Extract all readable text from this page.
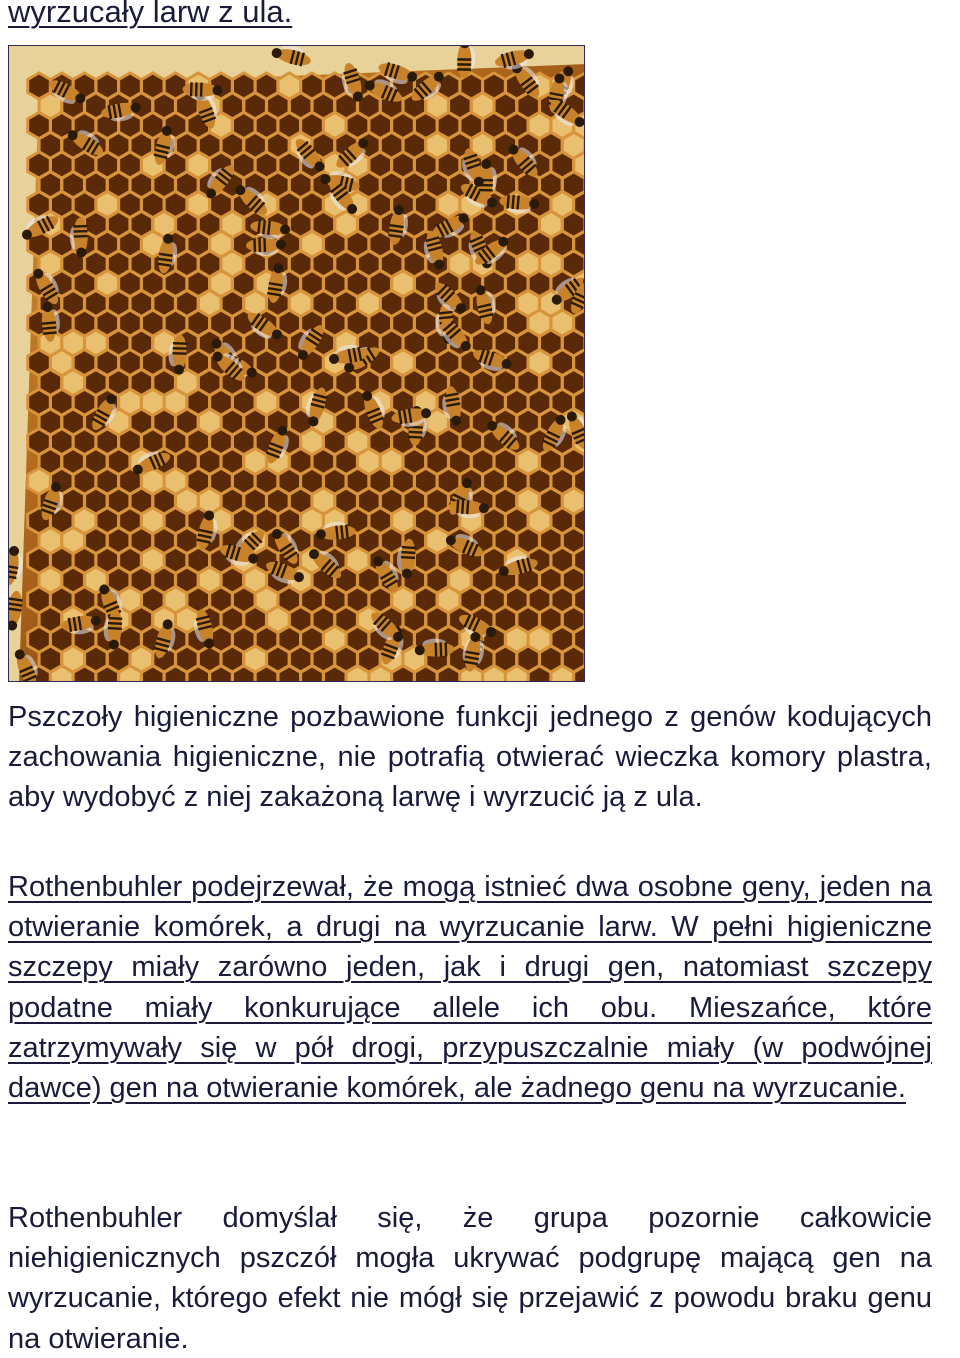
wyrzucały larw z ula.

Pszczoły higieniczne pozbawione funkcji jednego z genów kodujących zachowania higieniczne, nie potrafią otwierać wieczka komory plastra, aby wydobyć z niej zakażoną larwę i wyrzucić ją z ula.

Rothenbuhler podejrzewał, że mogą istnieć dwa osobne geny, jeden na otwieranie komórek, a drugi na wyrzucanie larw. W pełni higieniczne szczepy miały zarówno jeden, jak i drugi gen, natomiast szczepy podatne miały konkurujące allele ich obu. Mieszańce, które zatrzymywały się w pół drogi, przypuszczalnie miały (w podwójnej dawce) gen na otwieranie komórek, ale żadnego genu na wyrzucanie.

Rothenbuhler domyślał się, że grupa pozornie całkowicie niehigienicznych pszczół mogła ukrywać podgrupę mającą gen na wyrzucanie, którego efekt nie mógł się przejawić z powodu braku genu na otwieranie.
